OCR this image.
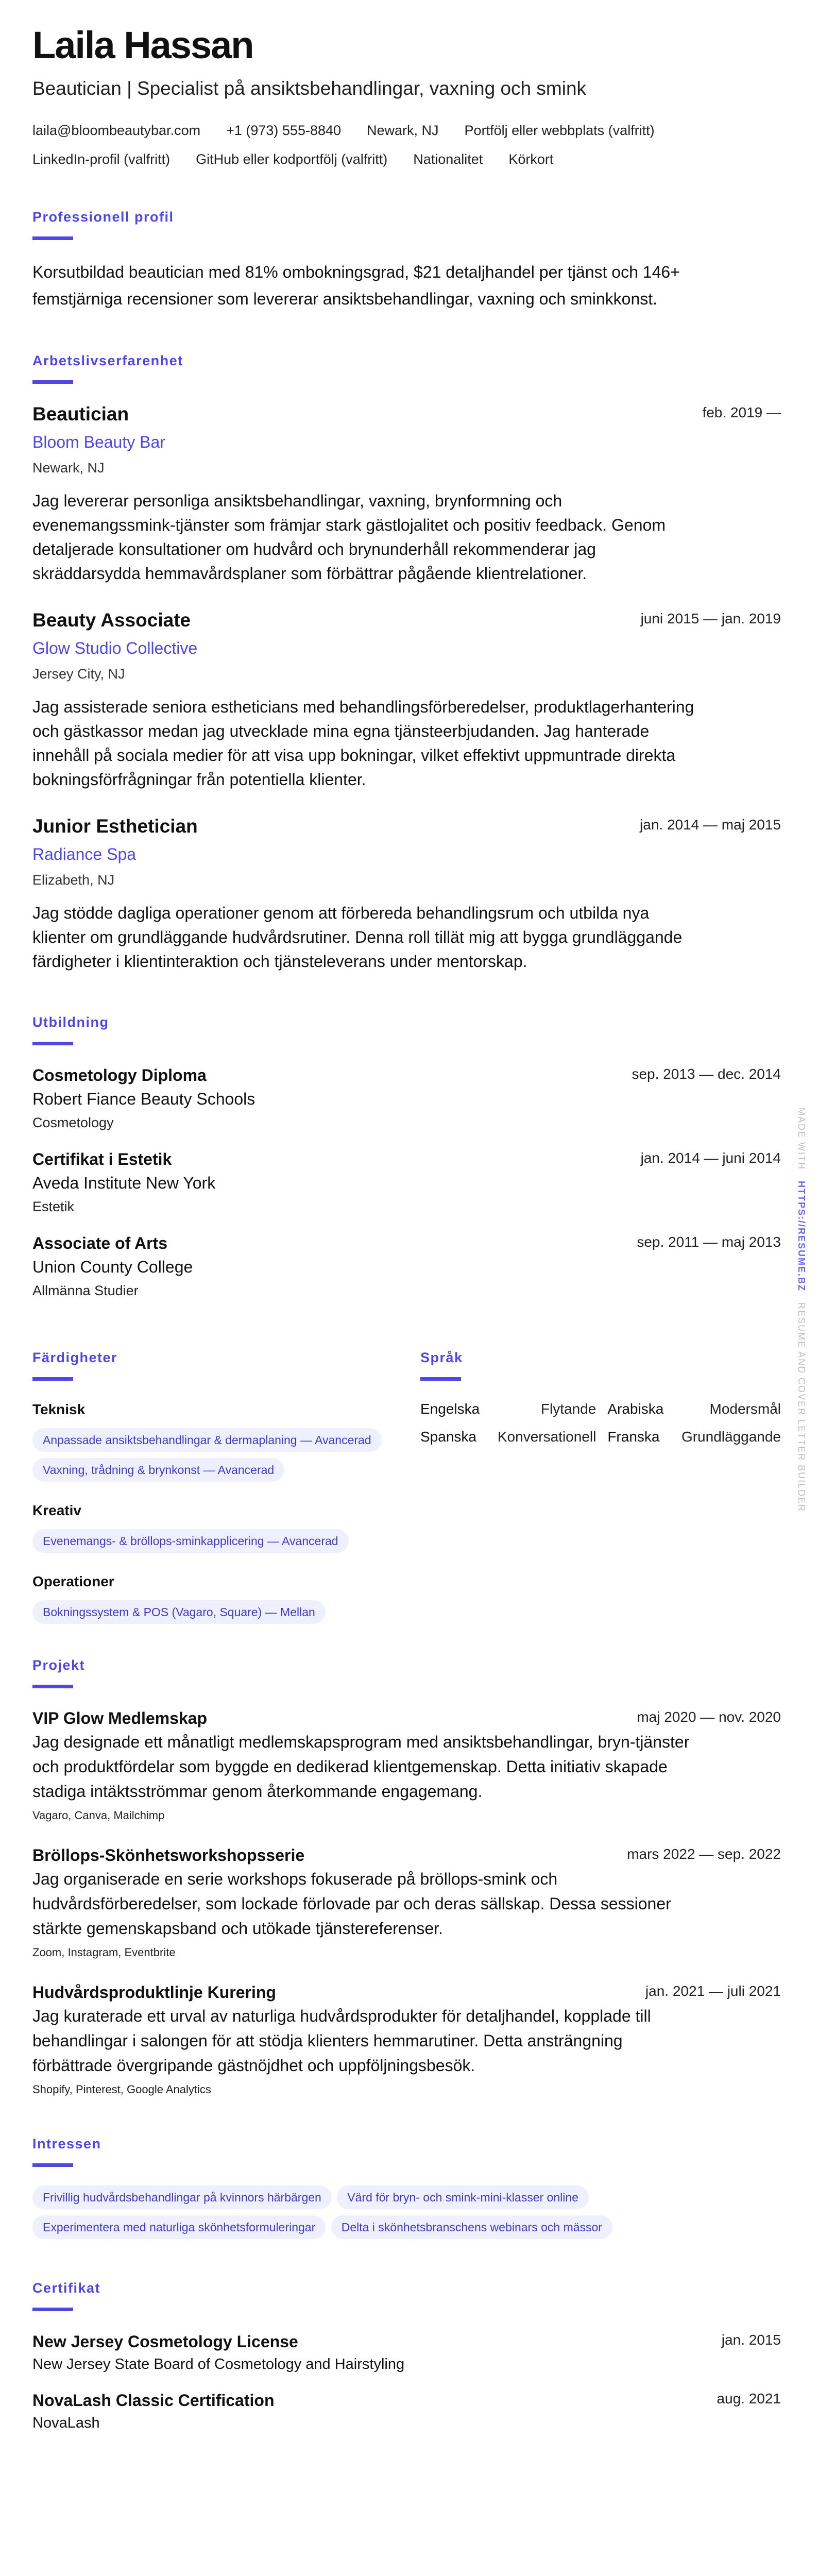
Laila Hassan
Beautician | Specialist på ansiktsbehandlingar, vaxning och smink
laila@bloombeautybar.com +1 (973) 555-8840 Newark, NJ Portfölj eller webbplats (valfritt)
LinkedIn-profil (valfritt) GitHub eller kodportfölj (valfritt) Nationalitet Körkort
Professionell profil

Korsutbildad beautician med 81% ombokningsgrad, $21 detaljhandel per tjänst och 146+ femstjärniga recensioner som levererar ansiktsbehandlingar, vaxning och sminkkonst.

Arbetslivserfarenhet
Beautician	feb. 2019 —
Bloom Beauty Bar
Newark, NJ

Jag levererar personliga ansiktsbehandlingar, vaxning, brynformning och evenemangssmink-tjänster som främjar stark gästlojalitet och positiv feedback. Genom detaljerade konsultationer om hudvård och brynunderhåll rekommenderar jag skräddarsydda hemmavårdsplaner som förbättrar pågående klientrelationer.

Beauty Associate	juni 2015 — jan. 2019
Glow Studio Collective
Jersey City, NJ

Jag assisterade seniora estheticians med behandlingsförberedelser, produktlagerhantering och gästkassor medan jag utvecklade mina egna tjänsteerbjudanden. Jag hanterade innehåll på sociala medier för att visa upp bokningar, vilket effektivt uppmuntrade direkta bokningsförfrågningar från potentiella klienter.

Junior Esthetician	jan. 2014 — maj 2015
Radiance Spa
Elizabeth, NJ

Jag stödde dagliga operationer genom att förbereda behandlingsrum och utbilda nya klienter om grundläggande hudvårdsrutiner. Denna roll tillät mig att bygga grundläggande färdigheter i klientinteraktion och tjänsteleverans under mentorskap.

Utbildning
Cosmetology Diploma	sep. 2013 — dec. 2014
Robert Fiance Beauty Schools
Cosmetology
Certifikat i Estetik	jan. 2014 — juni 2014
Aveda Institute New York
Estetik
Associate of Arts	sep. 2011 — maj 2013
Union County College
Allmänna Studier
Färdigheter
Teknisk
Anpassade ansiktsbehandlingar & dermaplaning — Avancerad Vaxning, trådning & brynkonst — Avancerad
Kreativ
Evenemangs- & bröllops-sminkapplicering — Avancerad
Operationer
Bokningssystem & POS (Vagaro, Square) — Mellan
Språk
Engelska	Flytande Arabiska	Modersmål
Spanska	Konversationell Franska	Grundläggande
Projekt
VIP Glow Medlemskap	maj 2020 — nov. 2020

Jag designade ett månatligt medlemskapsprogram med ansiktsbehandlingar, bryn-tjänster och produktfördelar som byggde en dedikerad klientgemenskap. Detta initiativ skapade stadiga intäktsströmmar genom återkommande engagemang.

Vagaro, Canva, Mailchimp
Bröllops-Skönhetsworkshopsserie	mars 2022 — sep. 2022

Jag organiserade en serie workshops fokuserade på bröllops-smink och hudvårdsförberedelser, som lockade förlovade par och deras sällskap. Dessa sessioner stärkte gemenskapsband och utökade tjänstereferenser.

Zoom, Instagram, Eventbrite
Hudvårdsproduktlinje Kurering	jan. 2021 — juli 2021

Jag kuraterade ett urval av naturliga hudvårdsprodukter för detaljhandel, kopplade till behandlingar i salongen för att stödja klienters hemmarutiner. Detta ansträngning förbättrade övergripande gästnöjdhet och uppföljningsbesök.

Shopify, Pinterest, Google Analytics
Intressen
Frivillig hudvårdsbehandlingar på kvinnors härbärgen Värd för bryn- och smink-mini-klasser online Experimentera med naturliga skönhetsformuleringar Delta i skönhetsbranschens webinars och mässor
Certifikat
New Jersey Cosmetology License	jan. 2015
New Jersey State Board of Cosmetology and Hairstyling
NovaLash Classic Certification	aug. 2021
NovaLash
MADE WITH   HTTPS://RESUME.BZ   RESUME AND COVER LETTER BUILDER
